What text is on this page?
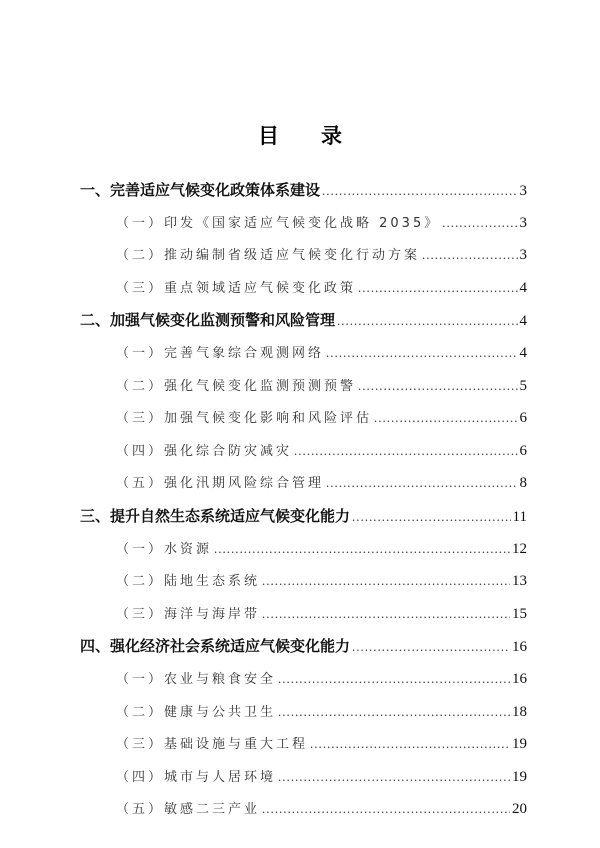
目 录
一、完善适应气候变化政策体系建设 .....	3
（一）印发《国家适应气候变化战略 2035》 .....	3
（二）推动编制省级适应气候变化行动方案 .....	3
（三）重点领域适应气候变化政策 .....	4
二、加强气候变化监测预警和风险管理 .....	4
（一）完善气象综合观测网络 .....	4
（二）强化气候变化监测预测预警 .....	5
（三）加强气候变化影响和风险评估 .....	6
（四）强化综合防灾减灾 .....	6
（五）强化汛期风险综合管理 .....	8
三、提升自然生态系统适应气候变化能力 .....	11
（一）水资源 .....	12
（二）陆地生态系统 .....	13
（三）海洋与海岸带 .....	15
四、强化经济社会系统适应气候变化能力 .....	16
（一）农业与粮食安全 .....	16
（二）健康与公共卫生 .....	18
（三）基础设施与重大工程 .....	19
（四）城市与人居环境 .....	19
（五）敏感二三产业 .....	20
